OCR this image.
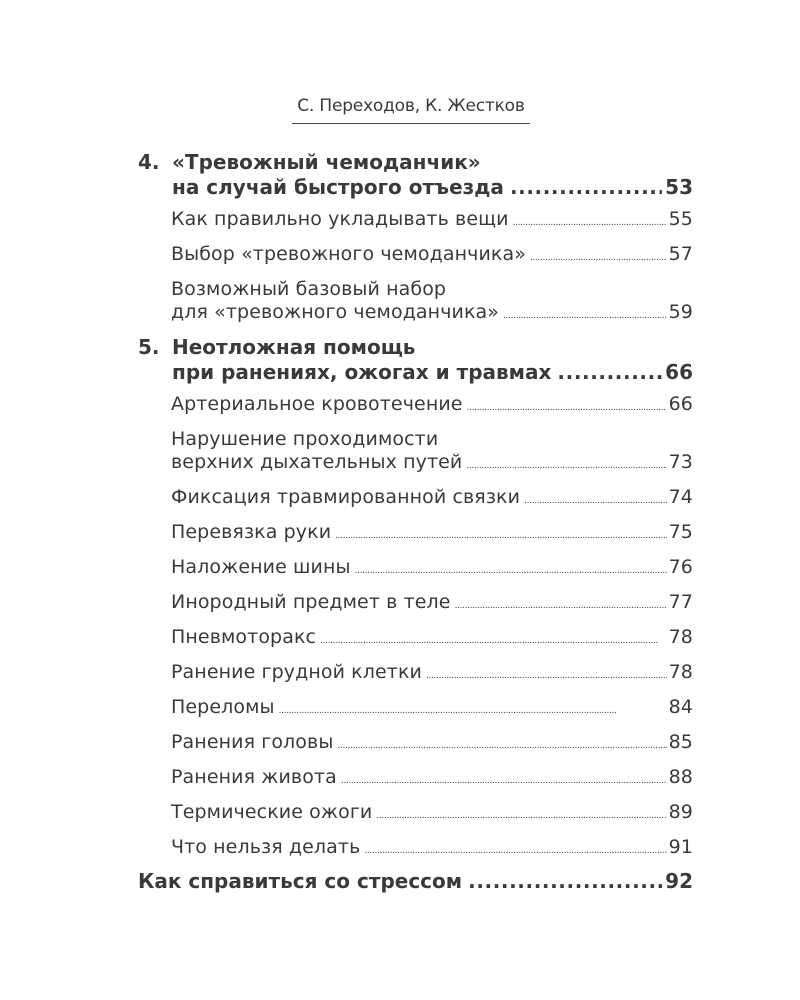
С. Переходов, К. Жестков
4. «Тревожный чемоданчик»
на случай быстрого отъезда .....	53
Как правильно укладывать вещи . . .	55
Выбор «тревожного чемоданчика» . . .	57
Возможный базовый набор
для «тревожного чемоданчика» . . .	59
5. Неотложная помощь
при ранениях, ожогах и травмах .....	66
Артериальное кровотечение . . .	66
Нарушение проходимости
верхних дыхательных путей . . .	73
Фиксация травмированной связки . . .	74
Перевязка руки . . .	75
Наложение шины . . .	76
Инородный предмет в теле . . .	77
Пневмоторакс . . .	78
Ранение грудной клетки . . .	78
Переломы . . .	84
Ранения головы . . .	85
Ранения живота . . .	88
Термические ожоги . . .	89
Что нельзя делать . . .	91
Как справиться со стрессом .....	92
